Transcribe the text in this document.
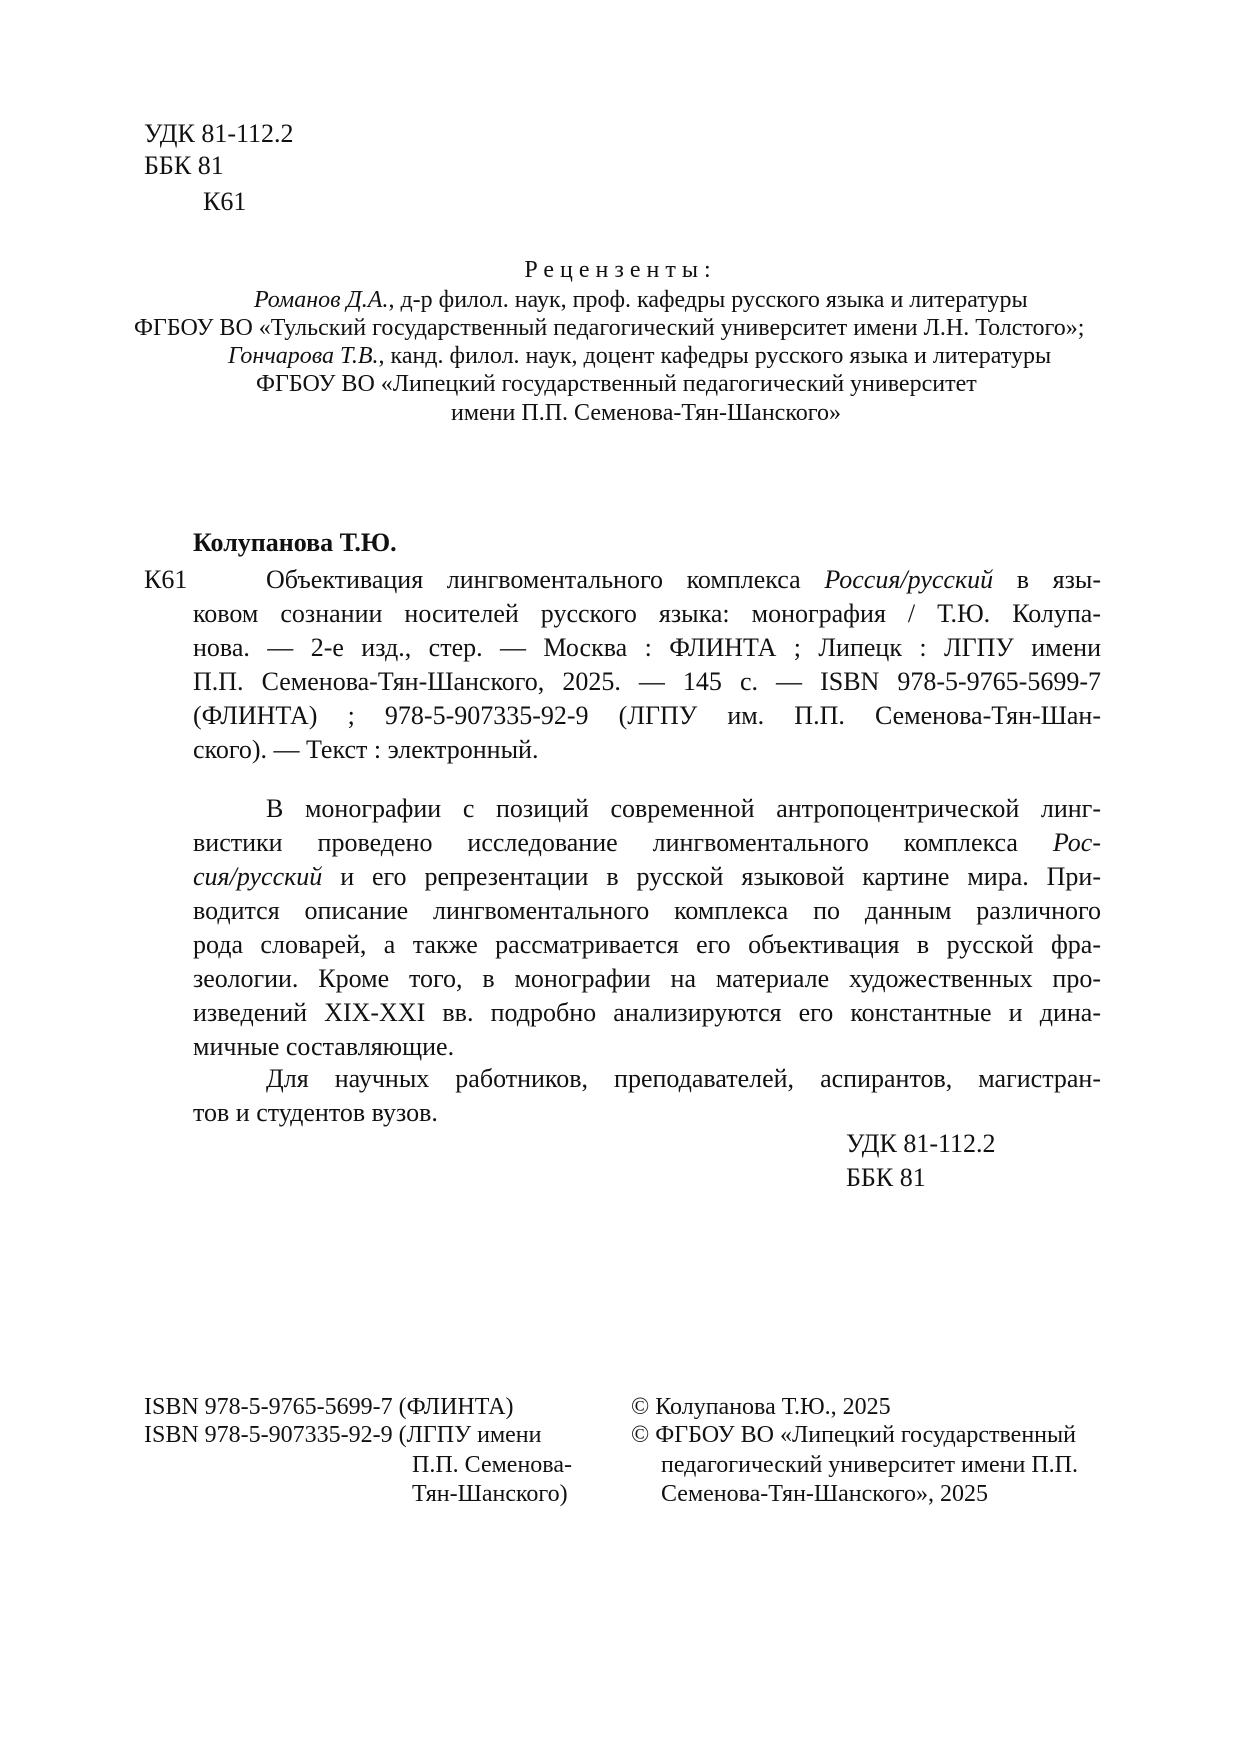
УДК 81-112.2
ББК 81
К61
Рецензенты:
Романов Д.А., д-р филол. наук, проф. кафедры русского языка и литературы
ФГБОУ ВО «Тульский государственный педагогический университет имени Л.Н. Толстого»;
Гончарова Т.В., канд. филол. наук, доцент кафедры русского языка и литературы
ФГБОУ ВО «Липецкий государственный педагогический университет
имени П.П. Семенова-Тян-Шанского»
Колупанова Т.Ю.
К61	Объективация лингвоментального комплекса Россия/русский в язы-
ковом сознании носителей русского языка: монография / Т.Ю. Колупа-
нова. — 2-е изд., стер. — Москва : ФЛИНТА ; Липецк : ЛГПУ имени
П.П. Семенова-Тян-Шанского, 2025. — 145 с. — ISBN 978-5-9765-5699-7
(ФЛИНТА) ; 978-5-907335-92-9 (ЛГПУ им. П.П. Семенова-Тян-Шан-
ского). — Текст : электронный.
В монографии с позиций современной антропоцентрической линг-
вистики проведено исследование лингвоментального комплекса Рос-
сия/русский и его репрезентации в русской языковой картине мира. При-
водится описание лингвоментального комплекса по данным различного
рода словарей, а также рассматривается его объективация в русской фра-
зеологии. Кроме того, в монографии на материале художественных про-
изведений XIX-XXI вв. подробно анализируются его константные и дина-
мичные составляющие.
Для научных работников, преподавателей, аспирантов, магистран-
тов и студентов вузов.
УДК 81-112.2
ББК 81
ISBN 978-5-9765-5699-7 (ФЛИНТА)
ISBN 978-5-907335-92-9 (ЛГПУ имени
П.П. Семенова-
Тян-Шанского)
© Колупанова Т.Ю., 2025
© ФГБОУ ВО «Липецкий государственный
педагогический университет имени П.П.
Семенова-Тян-Шанского», 2025
